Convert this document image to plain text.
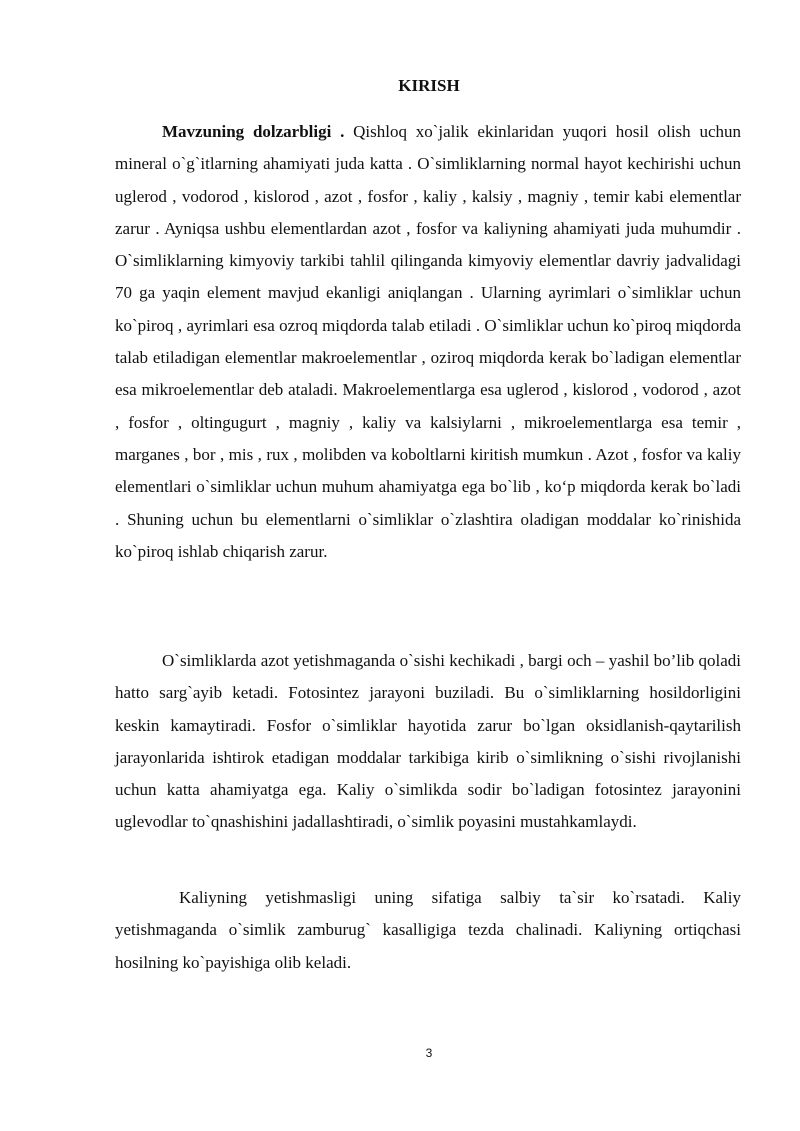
KIRISH

Mavzuning dolzarbligi . Qishloq xo`jalik ekinlaridan yuqori hosil olish uchun mineral o`g`itlarning ahamiyati juda katta . O`simliklarning normal hayot kechirishi uchun uglerod , vodorod , kislorod , azot , fosfor , kaliy , kalsiy , magniy , temir kabi elementlar zarur . Ayniqsa ushbu elementlardan azot , fosfor va kaliyning ahamiyati juda muhumdir . O`simliklarning kimyoviy tarkibi tahlil qilinganda kimyoviy elementlar davriy jadvalidagi 70 ga yaqin element mavjud ekanligi aniqlangan . Ularning ayrimlari o`simliklar uchun ko`piroq , ayrimlari esa ozroq miqdorda talab etiladi . O`simliklar uchun ko`piroq miqdorda talab etiladigan elementlar makroelementlar , oziroq miqdorda kerak bo`ladigan elementlar esa mikroelementlar deb ataladi. Makroelementlarga esa uglerod , kislorod , vodorod , azot , fosfor , oltingugurt , magniy , kaliy va kalsiylarni , mikroelementlarga esa temir , marganes , bor , mis , rux , molibden va koboltlarni kiritish mumkun . Azot , fosfor va kaliy elementlari o`simliklar uchun muhum ahamiyatga ega bo`lib , ko‘p miqdorda kerak bo`ladi . Shuning uchun bu elementlarni o`simliklar o`zlashtira oladigan moddalar ko`rinishida ko`piroq ishlab chiqarish zarur.

O`simliklarda azot yetishmaganda o`sishi kechikadi , bargi och – yashil bo’lib qoladi hatto sarg`ayib ketadi. Fotosintez jarayoni buziladi. Bu o`simliklarning hosildorligini keskin kamaytiradi. Fosfor o`simliklar hayotida zarur bo`lgan oksidlanish-qaytarilish jarayonlarida ishtirok etadigan moddalar tarkibiga kirib o`simlikning o`sishi rivojlanishi uchun katta ahamiyatga ega. Kaliy o`simlikda sodir bo`ladigan fotosintez jarayonini uglevodlar to`qnashishini jadallashtiradi, o`simlik poyasini mustahkamlaydi.

Kaliyning yetishmasligi uning sifatiga salbiy ta`sir ko`rsatadi. Kaliy yetishmaganda o`simlik zamburug` kasalligiga tezda chalinadi. Kaliyning ortiqchasi hosilning ko`payishiga olib keladi.

3
